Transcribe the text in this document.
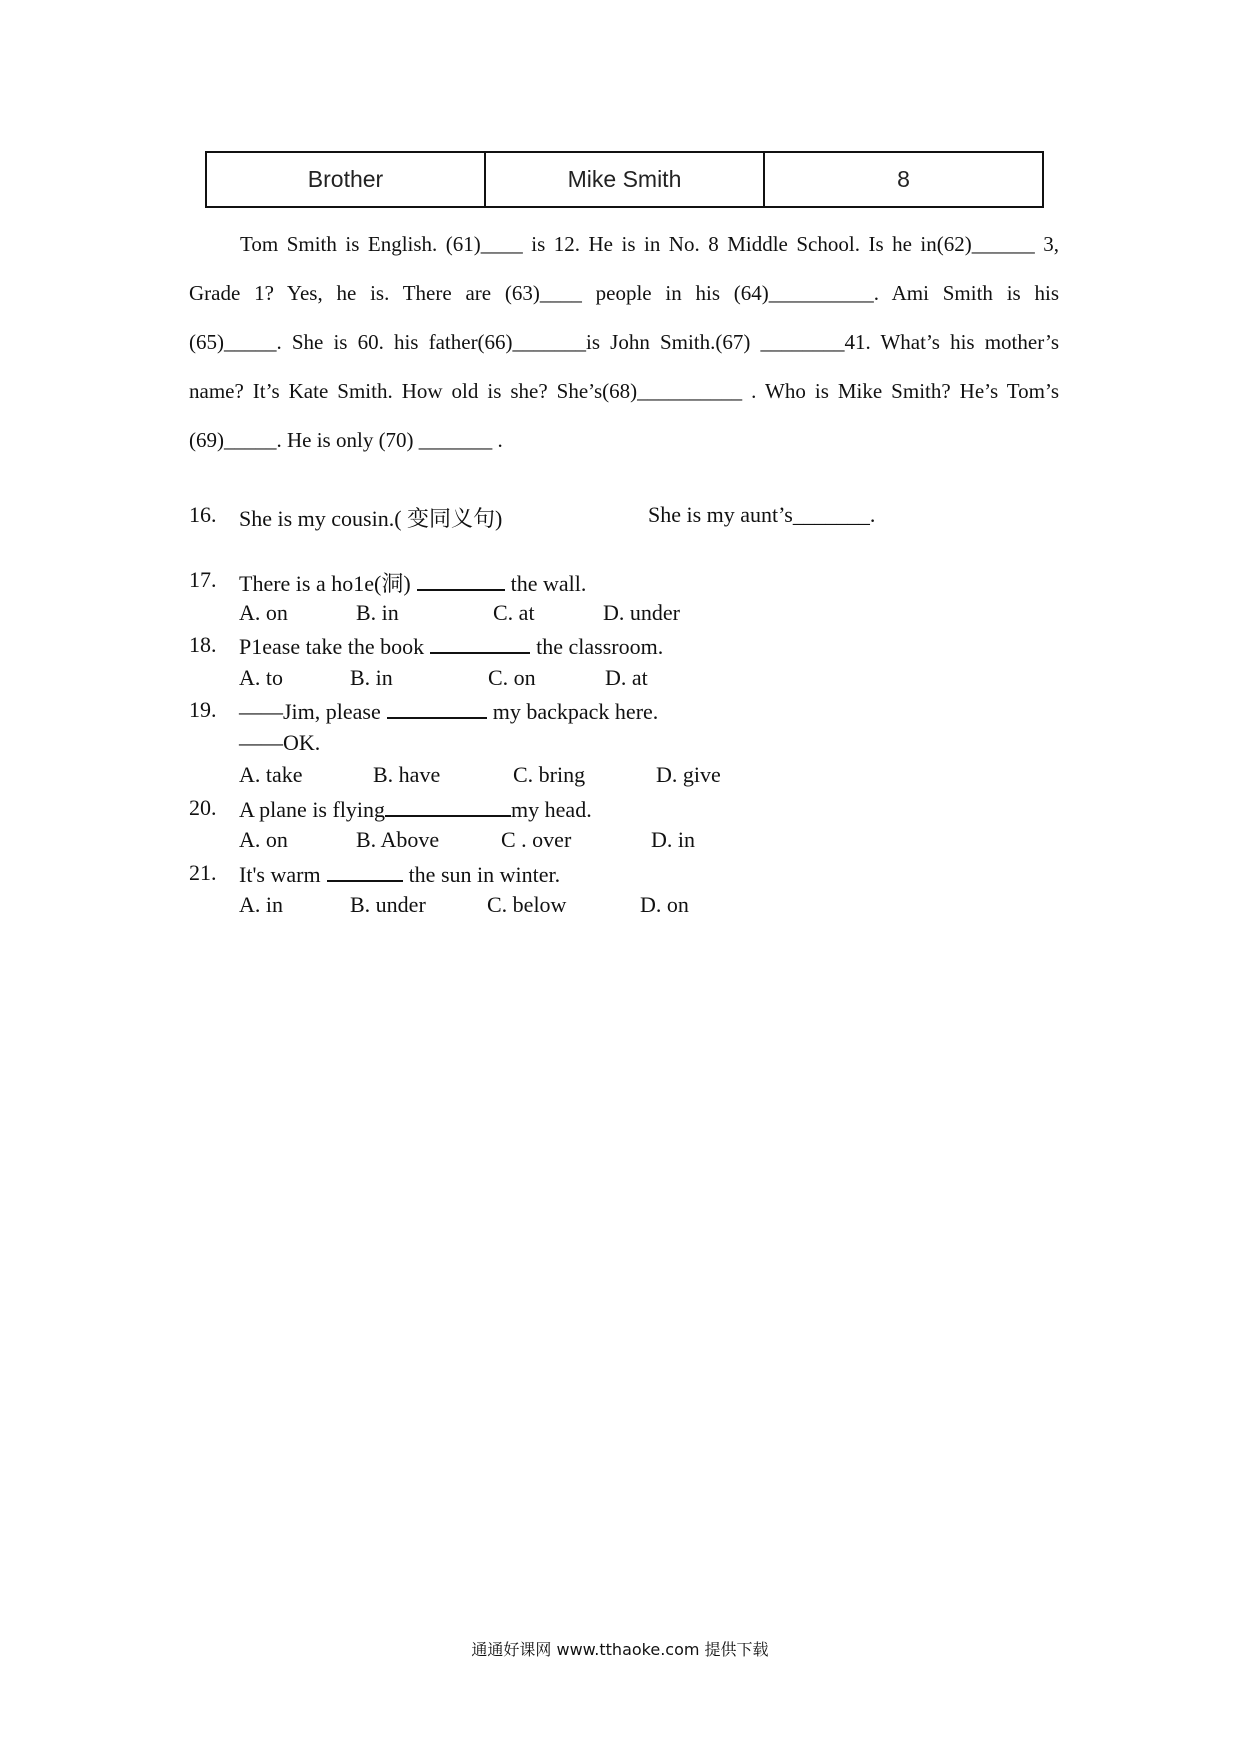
Brother	Mike Smith	8

Tom Smith is English. (61)____ is 12. He is in No. 8 Middle School. Is he in(62)______ 3,

Grade 1? Yes, he is. There are (63)____ people in his (64)__________. Ami Smith is his

(65)_____. She is 60. his father(66)_______is John Smith.(67) ________41. What’s his mother’s

name? It’s Kate Smith. How old is she? She’s(68)__________ . Who is Mike Smith? He’s Tom’s

(69)_____. He is only (70) _______ .

16. She is my cousin.( 变同义句)	She is my aunt’s_______.
17. There is a ho1e(洞)	the wall.
A. on	B. in	C. at	D. under
18. P1ease take the book	the classroom.
A. to	B. in	C. on	D. at
19. ——Jim, please	my backpack here.
——OK.
A. take	B. have	C. bring	D. give
20. A plane is flying	my head.
A. on	B. Above	C . over	D. in
21. It's warm	the sun in winter.
A. in	B. under	C. below	D. on
通通好课网 www.tthaoke.com 提供下载
